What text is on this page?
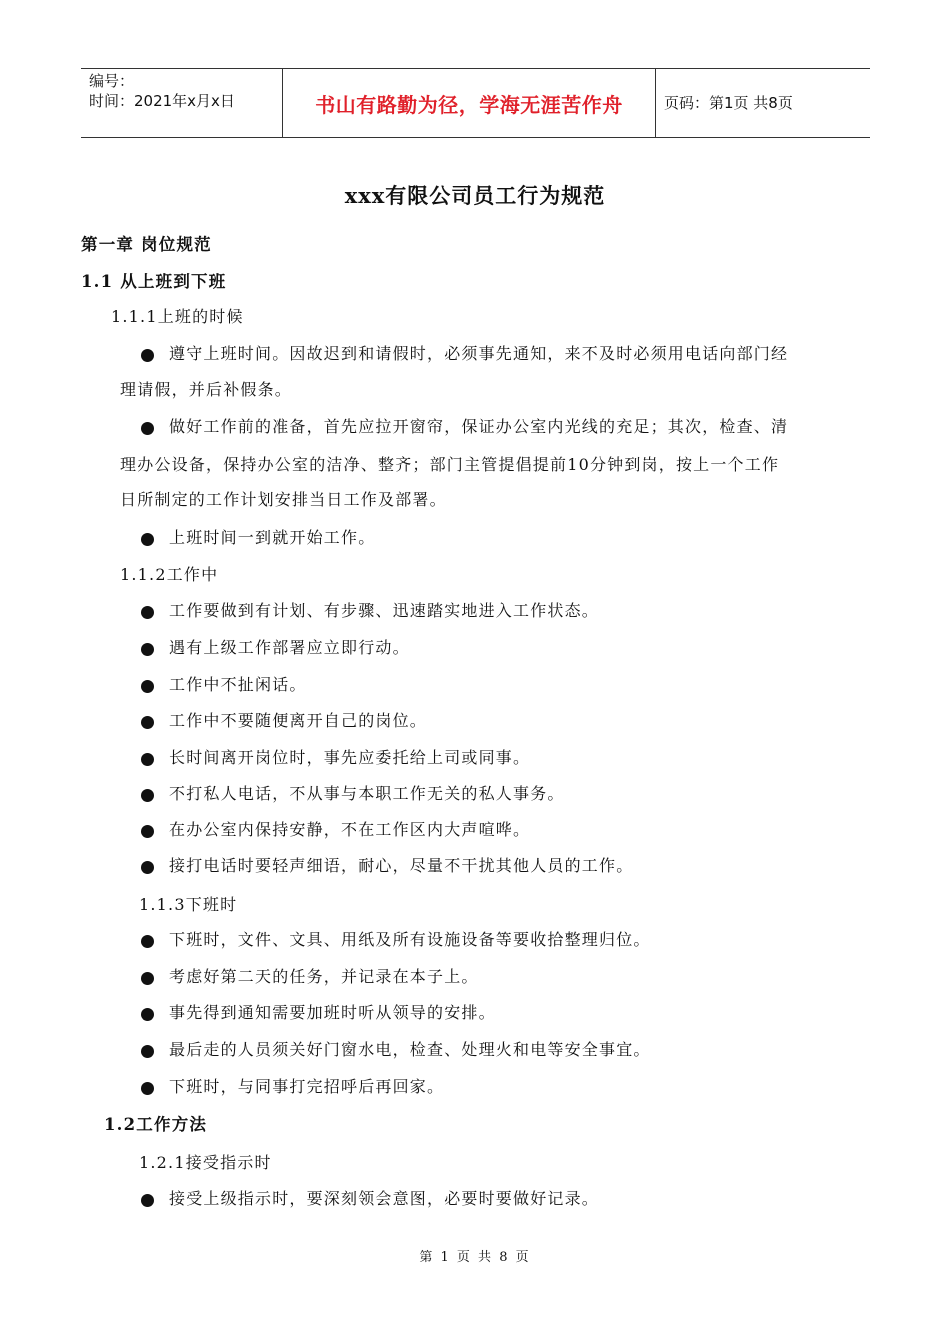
编号：
时间：2021年x月x日	书山有路勤为径，学海无涯苦作舟	页码：第1页 共8页
xxx有限公司员工行为规范
第一章 岗位规范
1.1 从上班到下班
1.1.1上班的时候
遵守上班时间。因故迟到和请假时，必须事先通知，来不及时必须用电话向部门经
理请假，并后补假条。
做好工作前的准备，首先应拉开窗帘，保证办公室内光线的充足；其次，检查、清
理办公设备，保持办公室的洁净、整齐；部门主管提倡提前10分钟到岗，按上一个工作
日所制定的工作计划安排当日工作及部署。
上班时间一到就开始工作。
1.1.2工作中
工作要做到有计划、有步骤、迅速踏实地进入工作状态。
遇有上级工作部署应立即行动。
工作中不扯闲话。
工作中不要随便离开自己的岗位。
长时间离开岗位时，事先应委托给上司或同事。
不打私人电话，不从事与本职工作无关的私人事务。
在办公室内保持安静，不在工作区内大声喧哗。
接打电话时要轻声细语，耐心，尽量不干扰其他人员的工作。
1.1.3下班时
下班时，文件、文具、用纸及所有设施设备等要收拾整理归位。
考虑好第二天的任务，并记录在本子上。
事先得到通知需要加班时听从领导的安排。
最后走的人员须关好门窗水电，检查、处理火和电等安全事宜。
下班时，与同事打完招呼后再回家。
1.2工作方法
1.2.1接受指示时
接受上级指示时，要深刻领会意图，必要时要做好记录。
第 1 页 共 8 页
